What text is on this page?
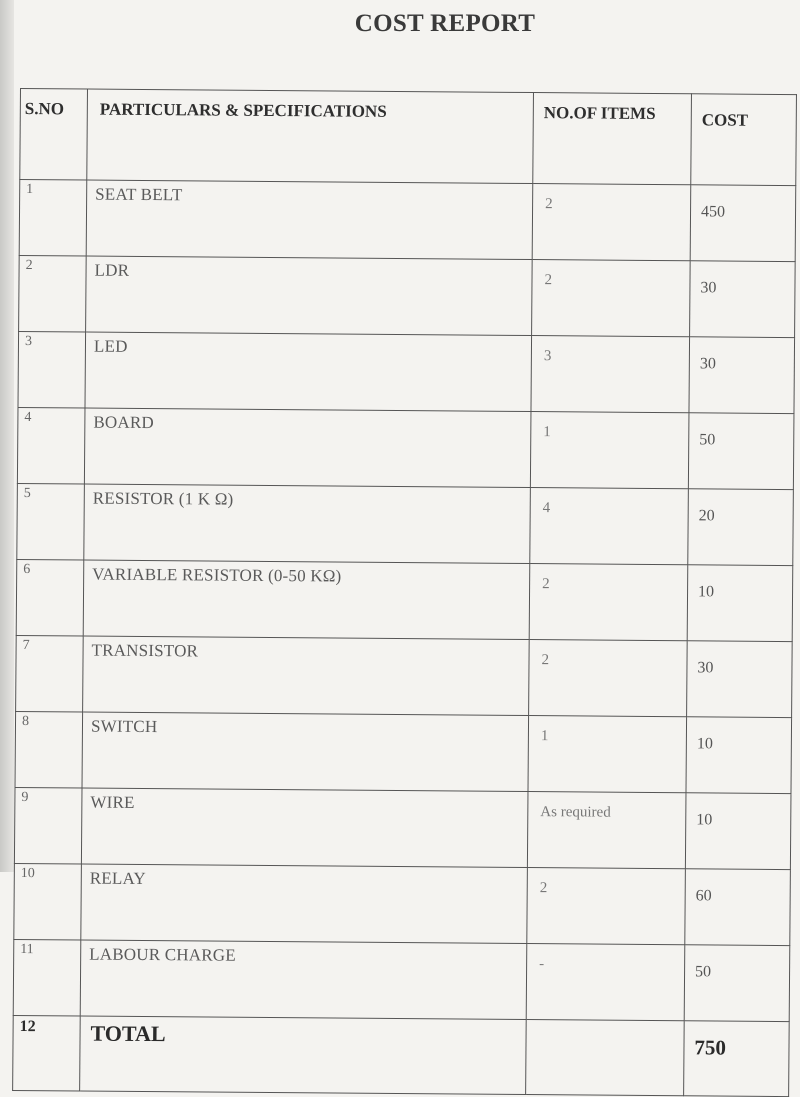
COST REPORT
S.NO	PARTICULARS & SPECIFICATIONS	NO.OF ITEMS	COST
1	SEAT BELT	2	450
2	LDR	2	30
3	LED	3	30
4	BOARD	1	50
5	RESISTOR (1 K Ω)	4	20
6	VARIABLE RESISTOR (0-50 KΩ)	2	10
7	TRANSISTOR	2	30
8	SWITCH	1	10
9	WIRE	As required	10
10	RELAY	2	60
11	LABOUR CHARGE	-	50
12	TOTAL		750
